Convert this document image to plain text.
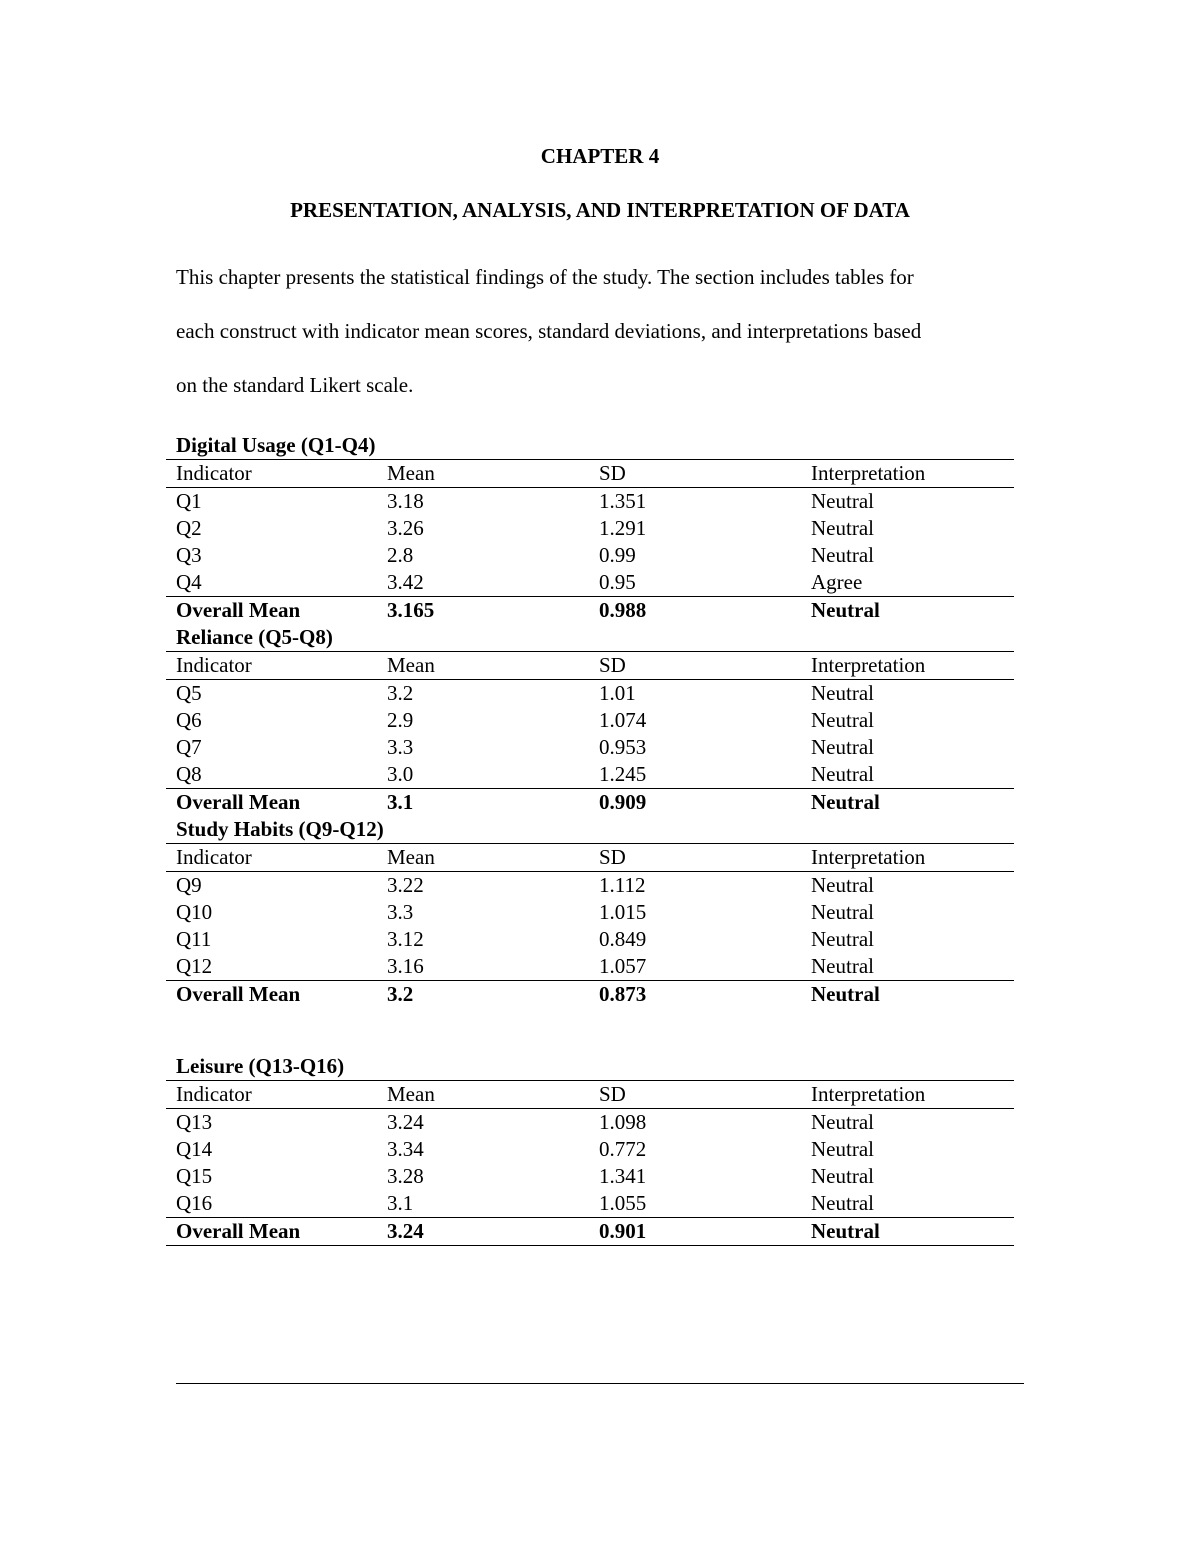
CHAPTER 4
PRESENTATION, ANALYSIS, AND INTERPRETATION OF DATA
This chapter presents the statistical findings of the study. The section includes tables for
each construct with indicator mean scores, standard deviations, and interpretations based
on the standard Likert scale.
Digital Usage (Q1-Q4)
Indicator	Mean	SD	Interpretation
Q1	3.18	1.351	Neutral
Q2	3.26	1.291	Neutral
Q3	2.8	0.99	Neutral
Q4	3.42	0.95	Agree
Overall Mean	3.165	0.988	Neutral
Reliance (Q5-Q8)
Indicator	Mean	SD	Interpretation
Q5	3.2	1.01	Neutral
Q6	2.9	1.074	Neutral
Q7	3.3	0.953	Neutral
Q8	3.0	1.245	Neutral
Overall Mean	3.1	0.909	Neutral
Study Habits (Q9-Q12)
Indicator	Mean	SD	Interpretation
Q9	3.22	1.112	Neutral
Q10	3.3	1.015	Neutral
Q11	3.12	0.849	Neutral
Q12	3.16	1.057	Neutral
Overall Mean	3.2	0.873	Neutral
Leisure (Q13-Q16)
Indicator	Mean	SD	Interpretation
Q13	3.24	1.098	Neutral
Q14	3.34	0.772	Neutral
Q15	3.28	1.341	Neutral
Q16	3.1	1.055	Neutral
Overall Mean	3.24	0.901	Neutral
